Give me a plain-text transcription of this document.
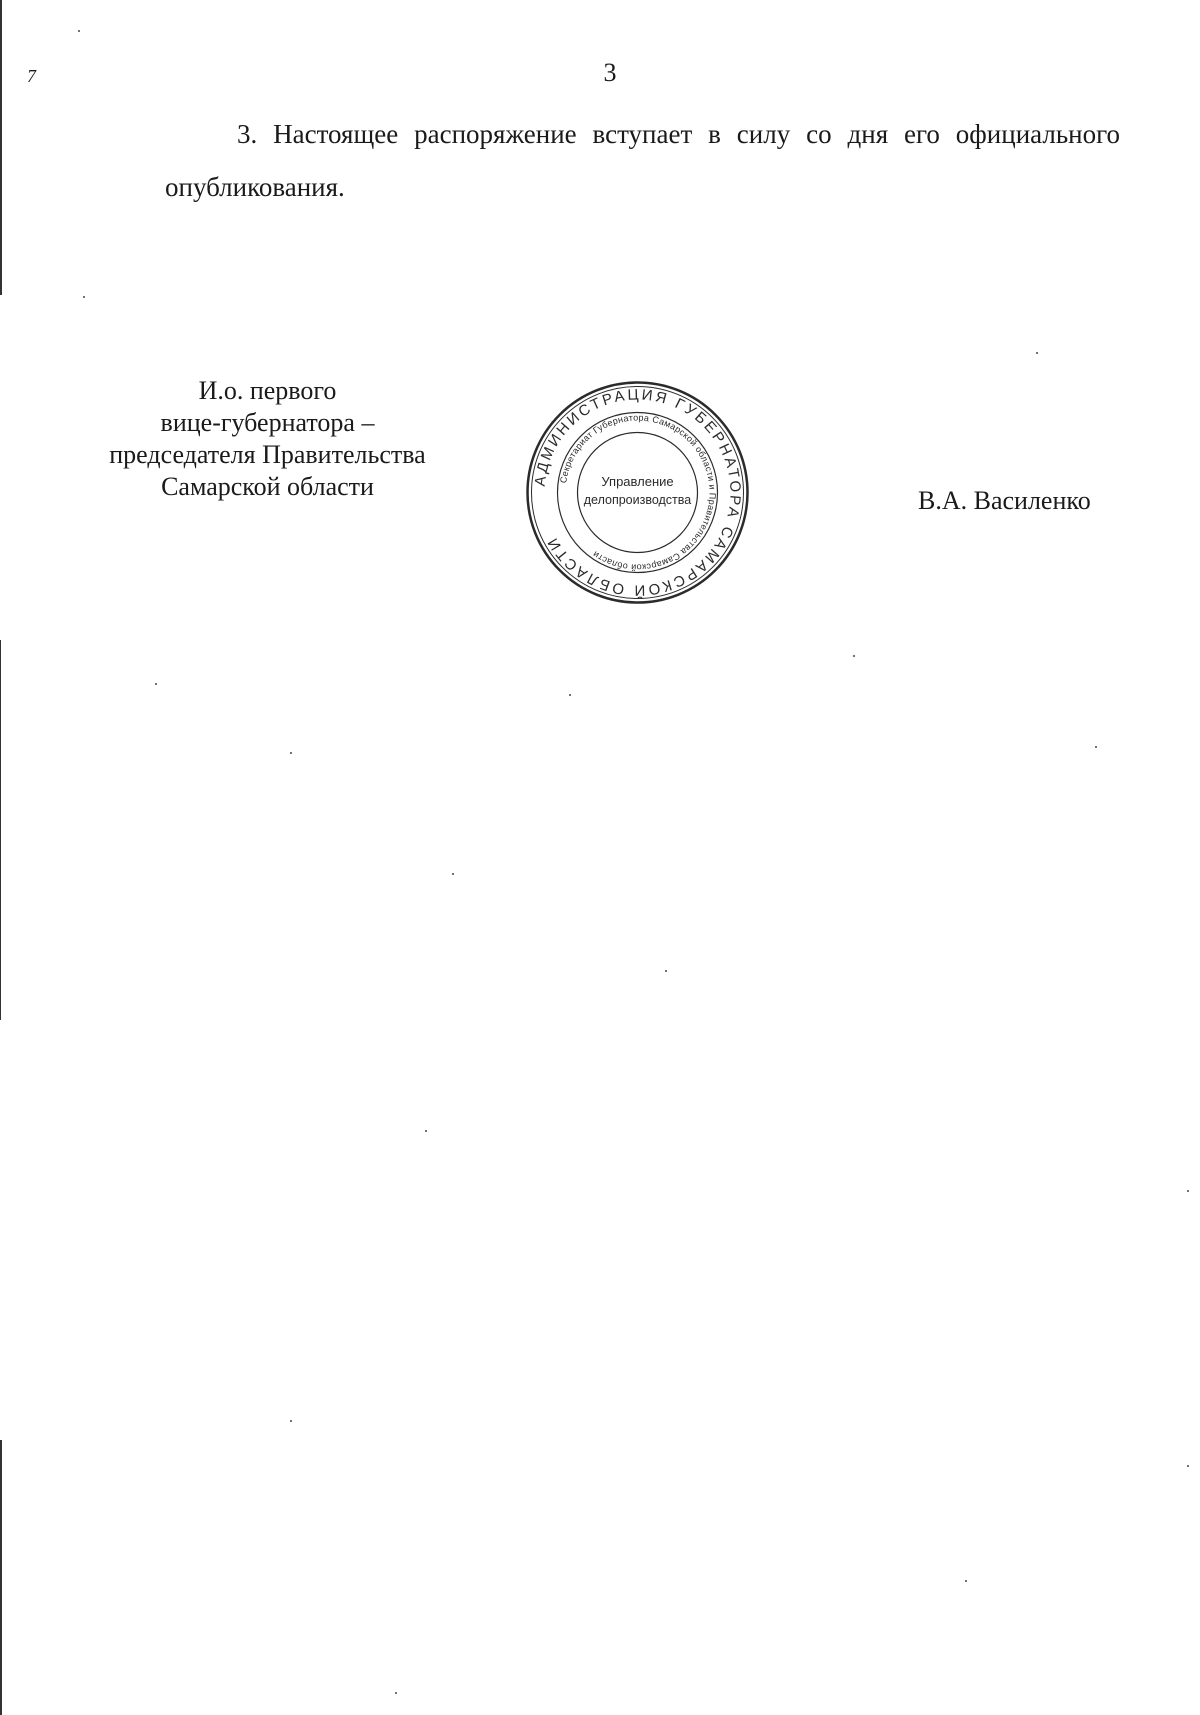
7	3

3. Настоящее распоряжение вступает в силу со дня его официального опубликования.

И.о. первого
вице-губернатора –
председателя Правительства
Самарской области	АДМИНИСТРАЦИЯ ГУБЕРНАТОРА САМАРСКОЙ ОБЛАСТИ
Секретариат Губернатора Самарской области и Правительства Самарской области
Управление
делопроизводства	В.А. Василенко
